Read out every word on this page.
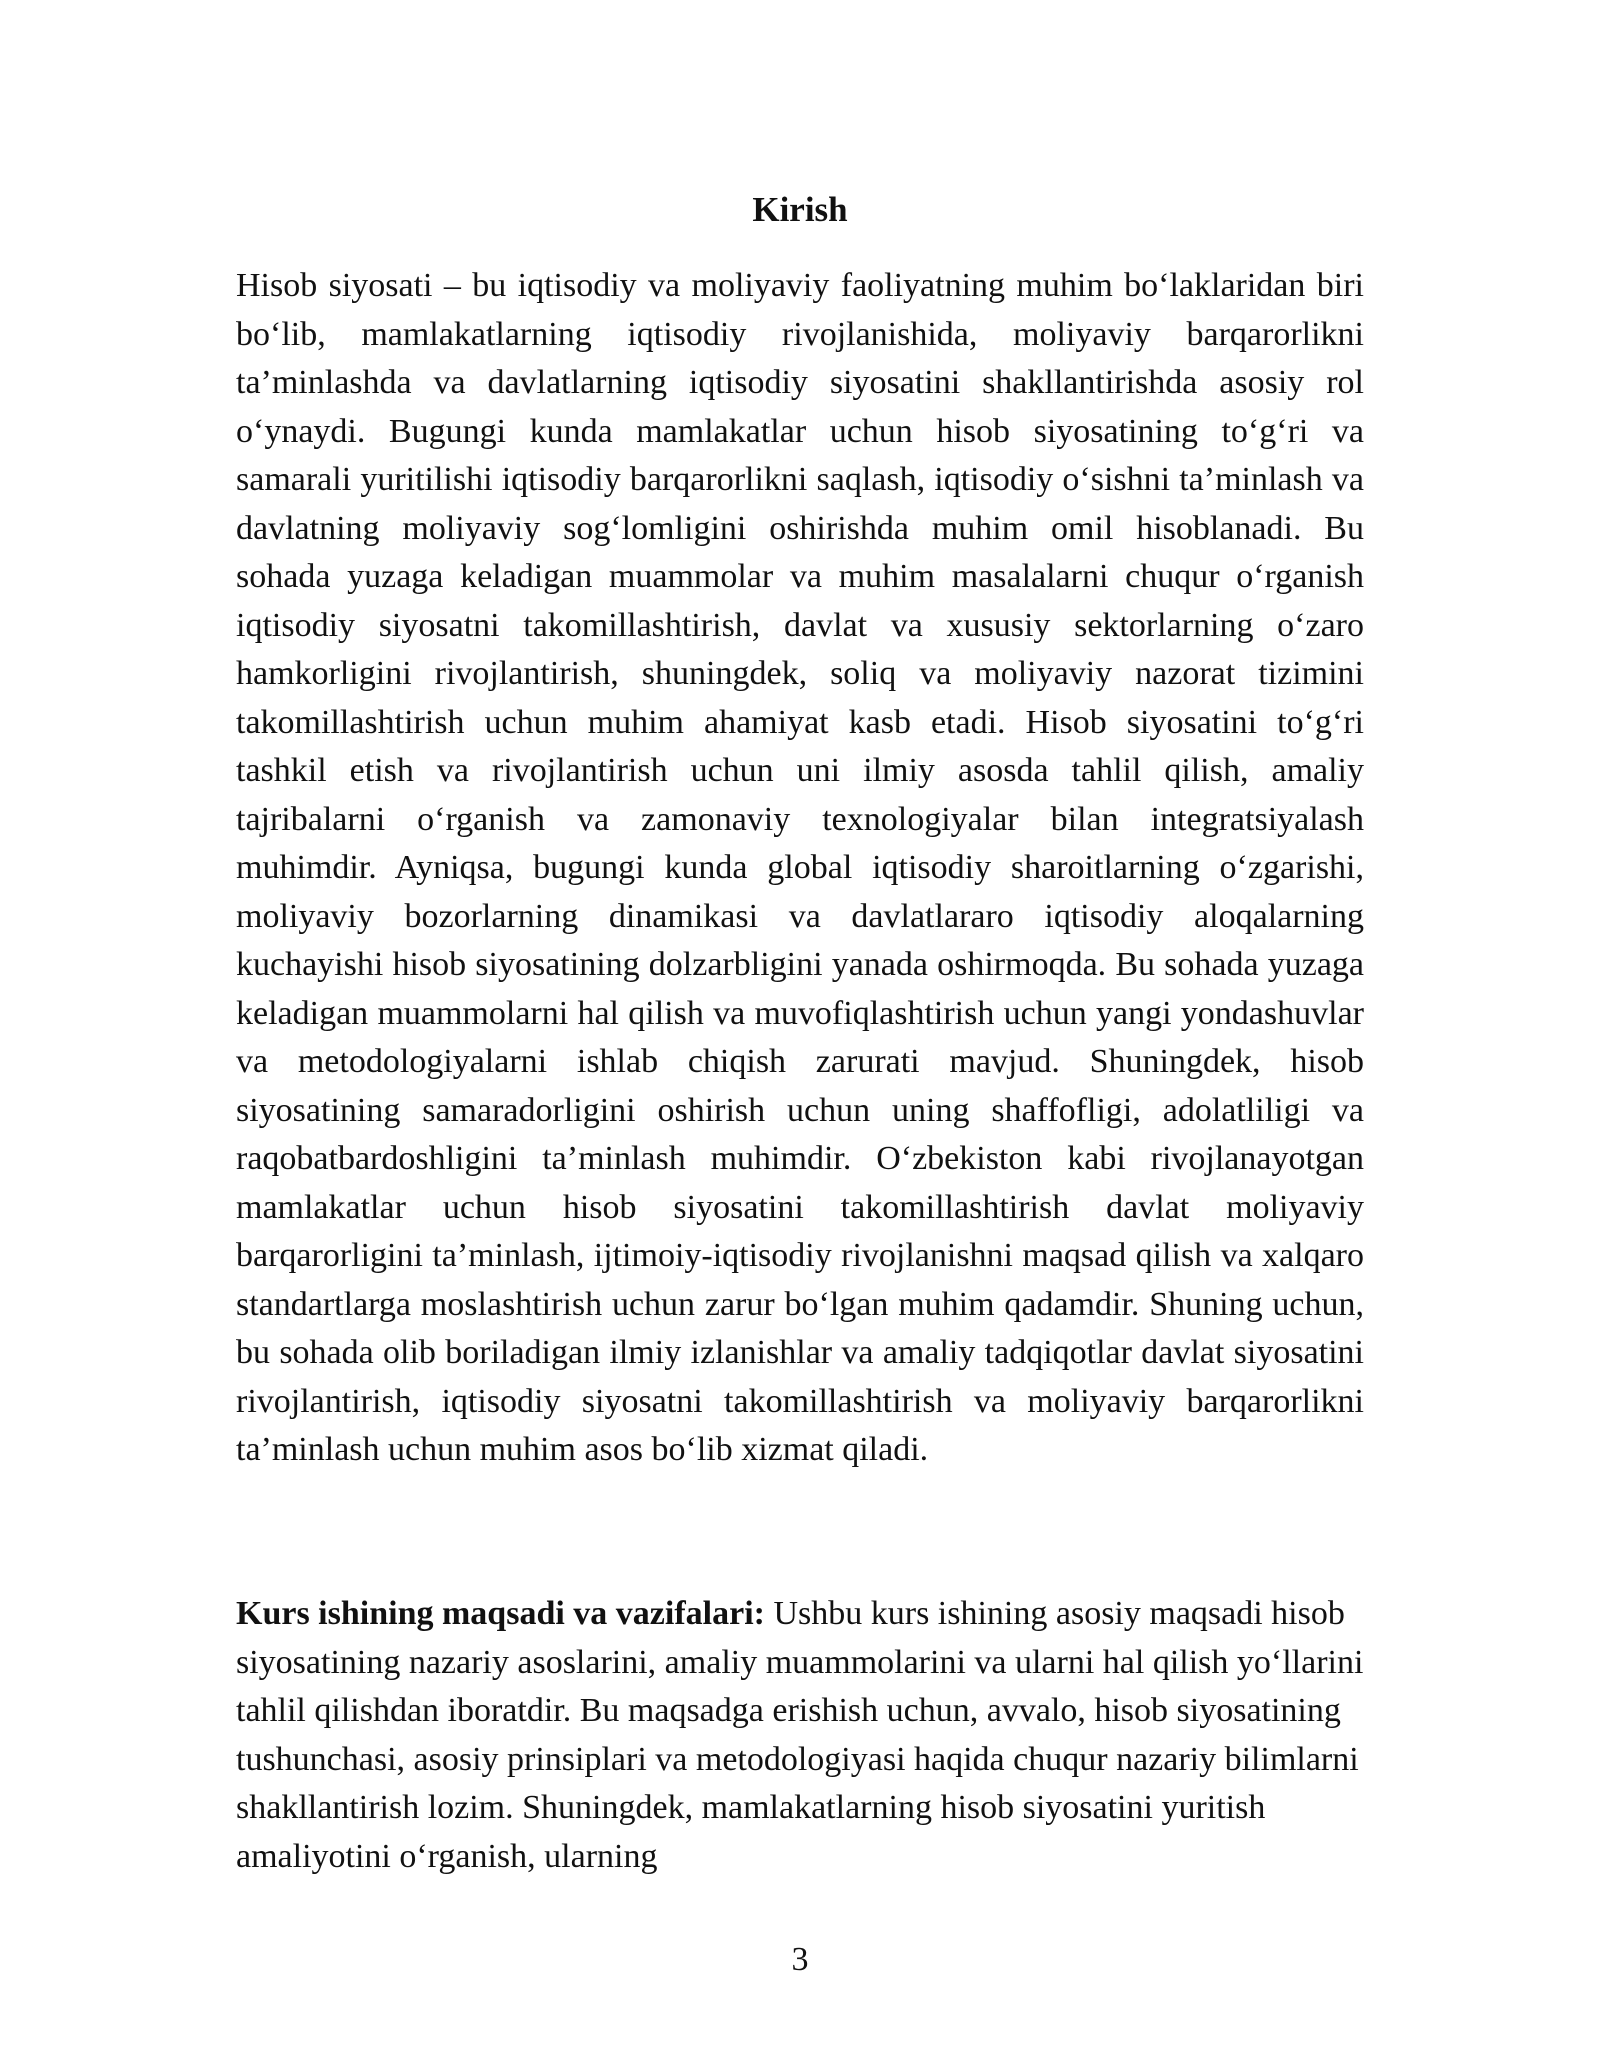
Kirish

Hisob siyosati – bu iqtisodiy va moliyaviy faoliyatning muhim bo‘laklaridan biri bo‘lib, mamlakatlarning iqtisodiy rivojlanishida, moliyaviy barqarorlikni ta’minlashda va davlatlarning iqtisodiy siyosatini shakllantirishda asosiy rol o‘ynaydi. Bugungi kunda mamlakatlar uchun hisob siyosatining to‘g‘ri va samarali yuritilishi iqtisodiy barqarorlikni saqlash, iqtisodiy o‘sishni ta’minlash va davlatning moliyaviy sog‘lomligini oshirishda muhim omil hisoblanadi. Bu sohada yuzaga keladigan muammolar va muhim masalalarni chuqur o‘rganish iqtisodiy siyosatni takomillashtirish, davlat va xususiy sektorlarning o‘zaro hamkorligini rivojlantirish, shuningdek, soliq va moliyaviy nazorat tizimini takomillashtirish uchun muhim ahamiyat kasb etadi. Hisob siyosatini to‘g‘ri tashkil etish va rivojlantirish uchun uni ilmiy asosda tahlil qilish, amaliy tajribalarni o‘rganish va zamonaviy texnologiyalar bilan integratsiyalash muhimdir. Ayniqsa, bugungi kunda global iqtisodiy sharoitlarning o‘zgarishi, moliyaviy bozorlarning dinamikasi va davlatlararo iqtisodiy aloqalarning kuchayishi hisob siyosatining dolzarbligini yanada oshirmoqda. Bu sohada yuzaga keladigan muammolarni hal qilish va muvofiqlashtirish uchun yangi yondashuvlar va metodologiyalarni ishlab chiqish zarurati mavjud. Shuningdek, hisob siyosatining samaradorligini oshirish uchun uning shaffofligi, adolatliligi va raqobatbardoshligini ta’minlash muhimdir. O‘zbekiston kabi rivojlanayotgan mamlakatlar uchun hisob siyosatini takomillashtirish davlat moliyaviy barqarorligini ta’minlash, ijtimoiy-iqtisodiy rivojlanishni maqsad qilish va xalqaro standartlarga moslashtirish uchun zarur bo‘lgan muhim qadamdir. Shuning uchun, bu sohada olib boriladigan ilmiy izlanishlar va amaliy tadqiqotlar davlat siyosatini rivojlantirish, iqtisodiy siyosatni takomillashtirish va moliyaviy barqarorlikni ta’minlash uchun muhim asos bo‘lib xizmat qiladi.

Kurs ishining maqsadi va vazifalari: Ushbu kurs ishining asosiy maqsadi hisob siyosatining nazariy asoslarini, amaliy muammolarini va ularni hal qilish yo‘llarini tahlil qilishdan iboratdir. Bu maqsadga erishish uchun, avvalo, hisob siyosatining tushunchasi, asosiy prinsiplari va metodologiyasi haqida chuqur nazariy bilimlarni shakllantirish lozim. Shuningdek, mamlakatlarning hisob siyosatini yuritish amaliyotini o‘rganish, ularning

3
